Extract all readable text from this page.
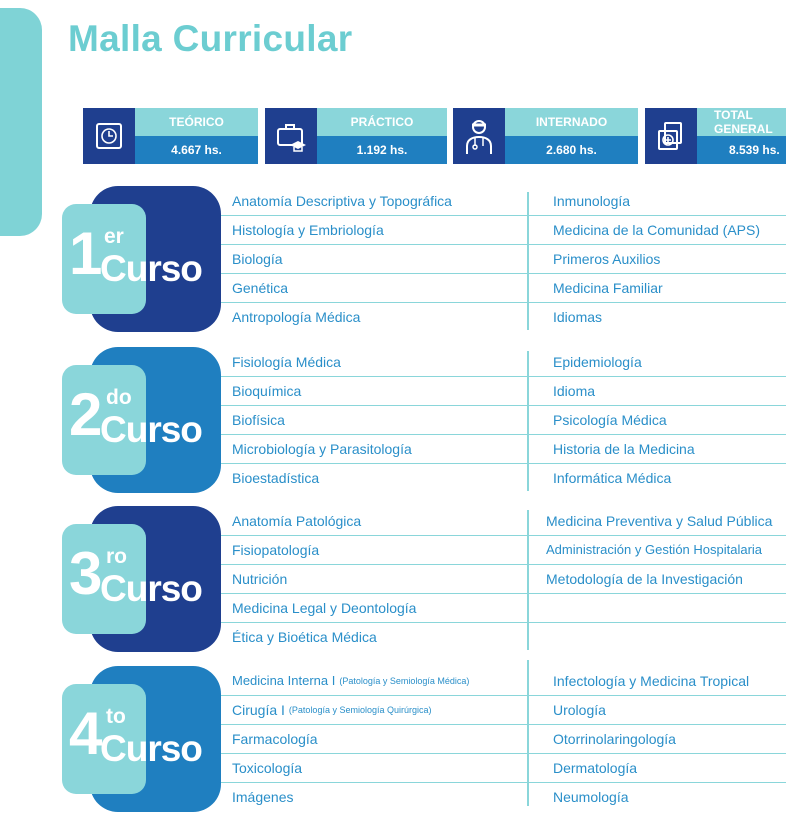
Malla Curricular
TEÓRICO
4.667 hs.
PRÁCTICO
1.192 hs.
INTERNADO
2.680 hs.
TOTAL GENERAL
8.539 hs.
1 er
Curso
Anatomía Descriptiva y Topográfica	Inmunología
Histología y Embriología	Medicina de la Comunidad (APS)
Biología	Primeros Auxilios
Genética	Medicina Familiar
Antropología Médica	Idiomas
2 do
Curso
Fisiología Médica	Epidemiología
Bioquímica	Idioma
Biofísica	Psicología Médica
Microbiología y Parasitología	Historia de la Medicina
Bioestadística	Informática Médica
3 ro
Curso
Anatomía Patológica	Medicina Preventiva y Salud Pública
Fisiopatología	Administración y Gestión Hospitalaria
Nutrición	Metodología de la Investigación
Medicina Legal y Deontología
Ética y Bioética Médica
4 to
Curso
Medicina Interna I (Patología y Semiología Médica)	Infectología y Medicina Tropical
Cirugía I (Patología y Semiología Quirúrgica)	Urología
Farmacología	Otorrinolaringología
Toxicología	Dermatología
Imágenes	Neumología
